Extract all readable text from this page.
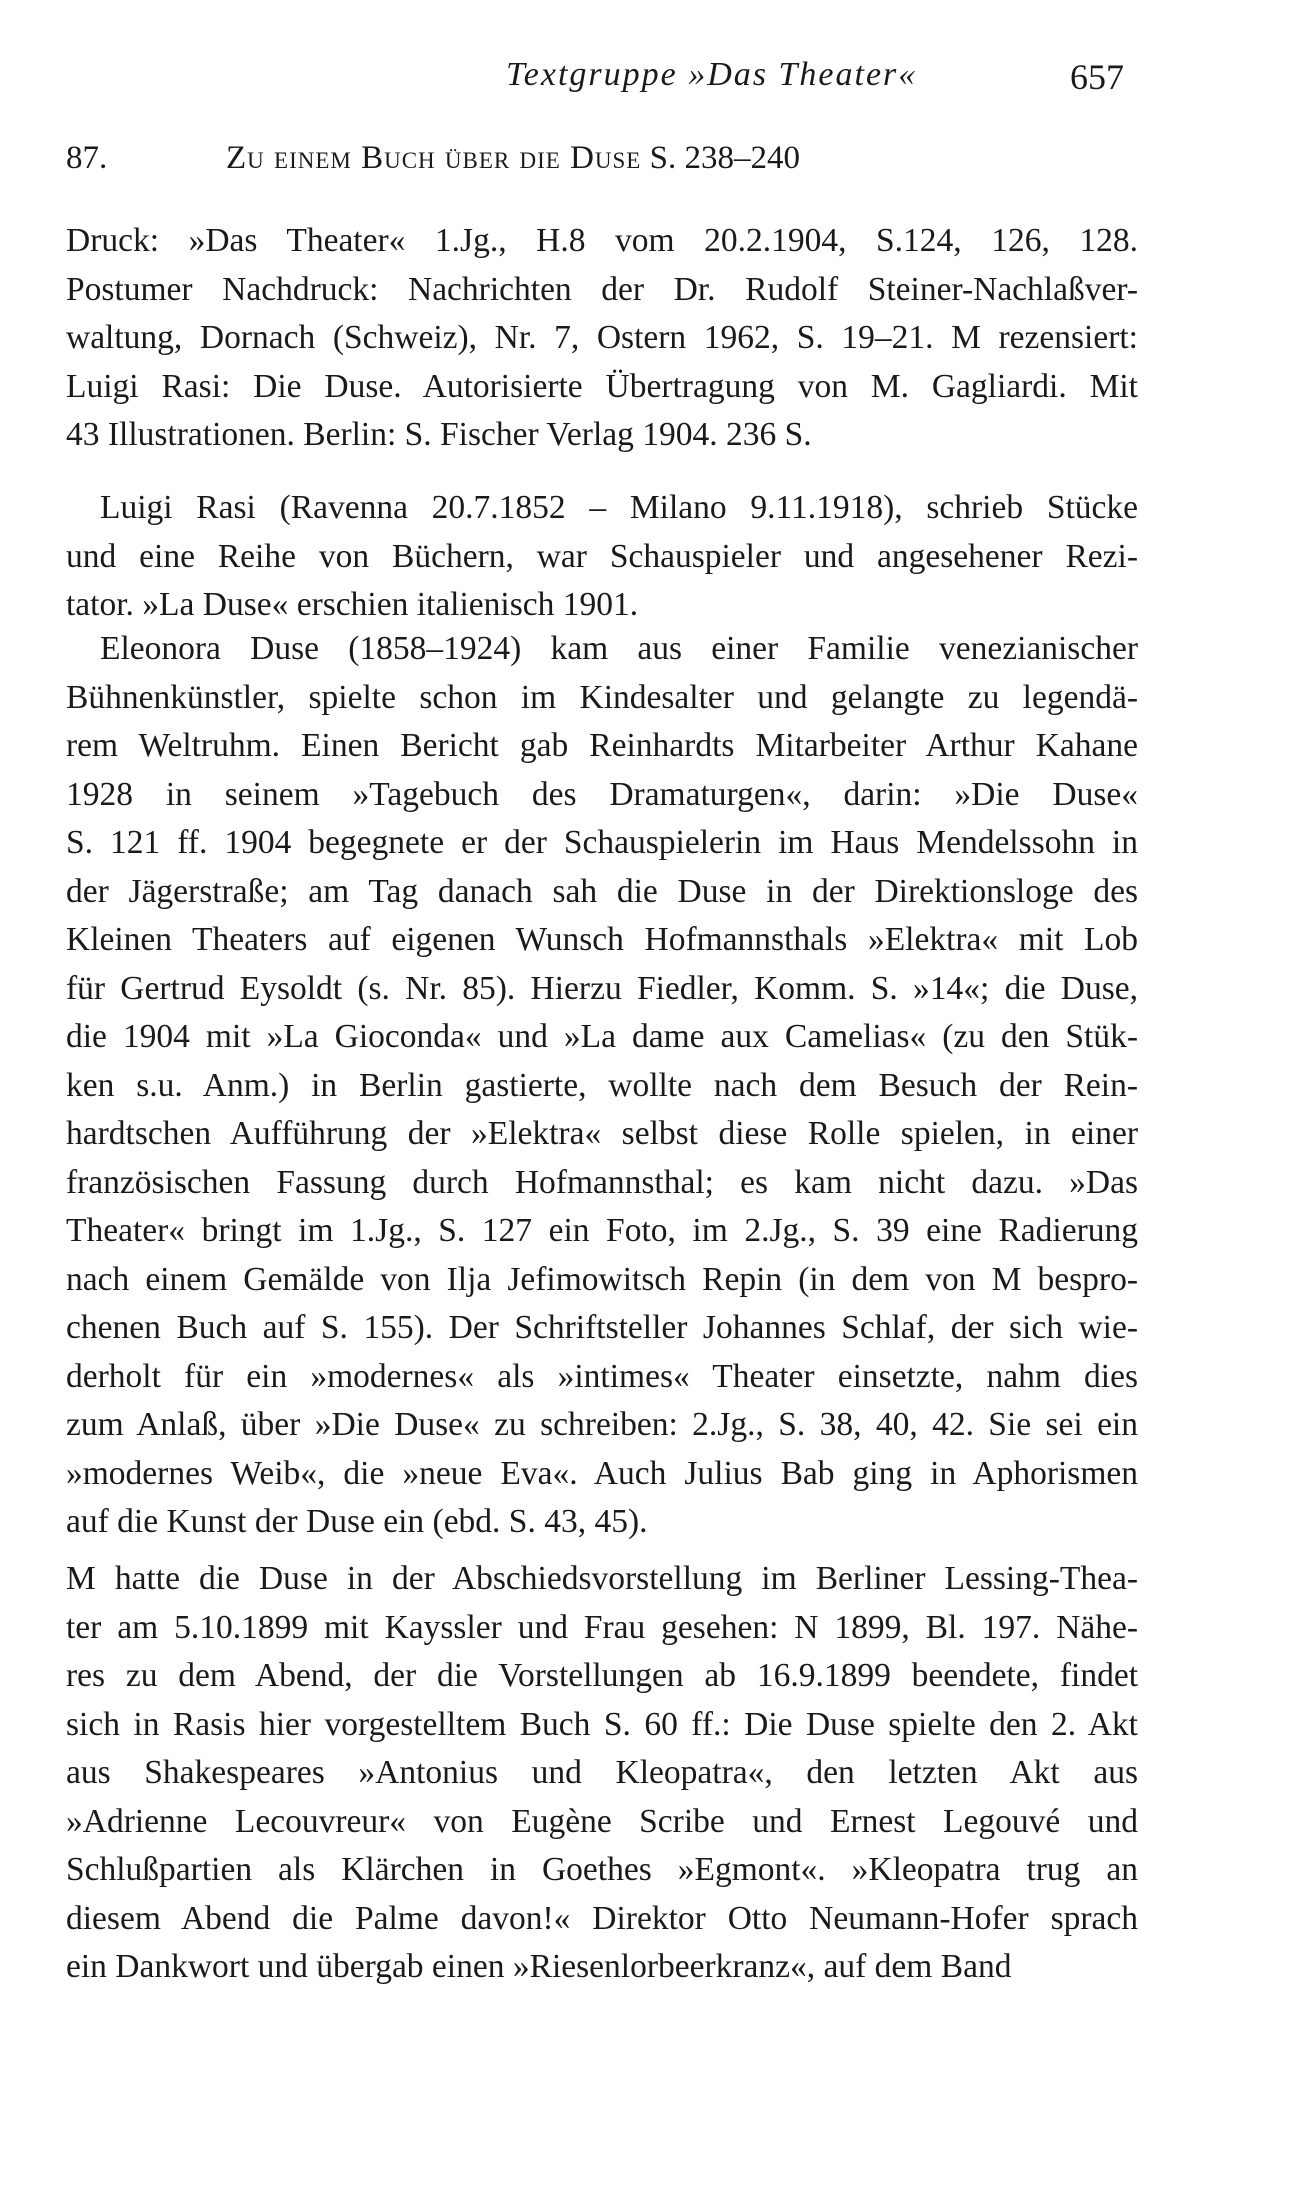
Textgruppe »Das Theater«	657
87.	Zu einem Buch über die Duse S. 238–240

Druck: »Das Theater« 1.Jg., H.8 vom 20.2.1904, S.124, 126, 128.

Postumer Nachdruck: Nachrichten der Dr. Rudolf Steiner-Nachlaßver-

waltung, Dornach (Schweiz), Nr. 7, Ostern 1962, S. 19–21. M rezensiert:

Luigi Rasi: Die Duse. Autorisierte Übertragung von M. Gagliardi. Mit

43 Illustrationen. Berlin: S. Fischer Verlag 1904. 236 S.

Luigi Rasi (Ravenna 20.7.1852 – Milano 9.11.1918), schrieb Stücke

und eine Reihe von Büchern, war Schauspieler und angesehener Rezi-

tator. »La Duse« erschien italienisch 1901.

Eleonora Duse (1858–1924) kam aus einer Familie venezianischer

Bühnenkünstler, spielte schon im Kindesalter und gelangte zu legendä-

rem Weltruhm. Einen Bericht gab Reinhardts Mitarbeiter Arthur Kahane

1928 in seinem »Tagebuch des Dramaturgen«, darin: »Die Duse«

S. 121 ff. 1904 begegnete er der Schauspielerin im Haus Mendelssohn in

der Jägerstraße; am Tag danach sah die Duse in der Direktionsloge des

Kleinen Theaters auf eigenen Wunsch Hofmannsthals »Elektra« mit Lob

für Gertrud Eysoldt (s. Nr. 85). Hierzu Fiedler, Komm. S. »14«; die Duse,

die 1904 mit »La Gioconda« und »La dame aux Camelias« (zu den Stük-

ken s.u. Anm.) in Berlin gastierte, wollte nach dem Besuch der Rein-

hardtschen Aufführung der »Elektra« selbst diese Rolle spielen, in einer

französischen Fassung durch Hofmannsthal; es kam nicht dazu. »Das

Theater« bringt im 1.Jg., S. 127 ein Foto, im 2.Jg., S. 39 eine Radierung

nach einem Gemälde von Ilja Jefimowitsch Repin (in dem von M bespro-

chenen Buch auf S. 155). Der Schriftsteller Johannes Schlaf, der sich wie-

derholt für ein »modernes« als »intimes« Theater einsetzte, nahm dies

zum Anlaß, über »Die Duse« zu schreiben: 2.Jg., S. 38, 40, 42. Sie sei ein

»modernes Weib«, die »neue Eva«. Auch Julius Bab ging in Aphorismen

auf die Kunst der Duse ein (ebd. S. 43, 45).

M hatte die Duse in der Abschiedsvorstellung im Berliner Lessing-Thea-

ter am 5.10.1899 mit Kayssler und Frau gesehen: N 1899, Bl. 197. Nähe-

res zu dem Abend, der die Vorstellungen ab 16.9.1899 beendete, findet

sich in Rasis hier vorgestelltem Buch S. 60 ff.: Die Duse spielte den 2. Akt

aus Shakespeares »Antonius und Kleopatra«, den letzten Akt aus

»Adrienne Lecouvreur« von Eugène Scribe und Ernest Legouvé und

Schlußpartien als Klärchen in Goethes »Egmont«. »Kleopatra trug an

diesem Abend die Palme davon!« Direktor Otto Neumann-Hofer sprach

ein Dankwort und übergab einen »Riesenlorbeerkranz«, auf dem Band
